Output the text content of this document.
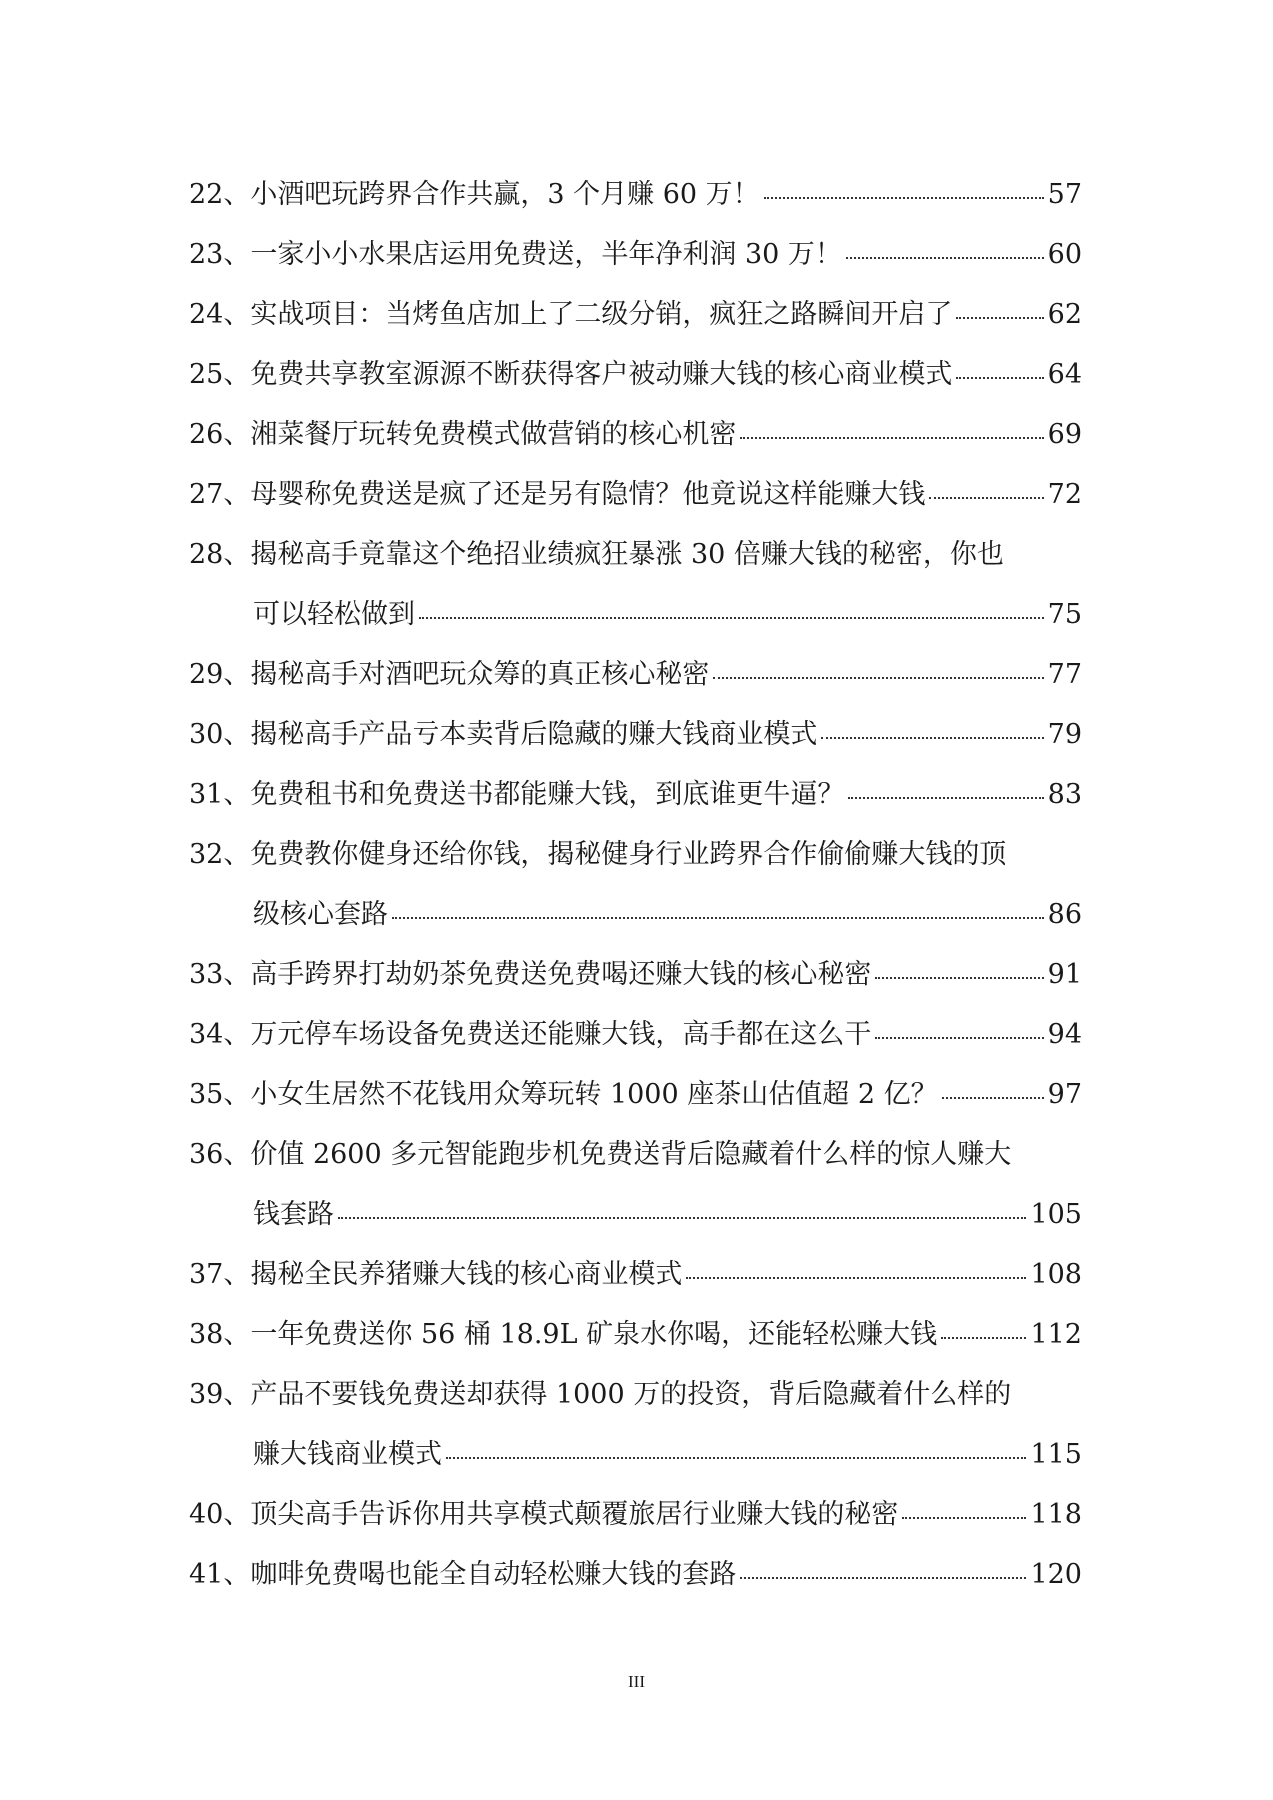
22、 小酒吧玩跨界合作共赢，3 个月赚 60 万！	57
23、 一家小小水果店运用免费送，半年净利润 30 万！	60
24、 实战项目：当烤鱼店加上了二级分销，疯狂之路瞬间开启了	62
25、 免费共享教室源源不断获得客户被动赚大钱的核心商业模式	64
26、 湘菜餐厅玩转免费模式做营销的核心机密	69
27、 母婴称免费送是疯了还是另有隐情？他竟说这样能赚大钱	72
28、 揭秘高手竟靠这个绝招业绩疯狂暴涨 30 倍赚大钱的秘密，你也
可以轻松做到	75
29、 揭秘高手对酒吧玩众筹的真正核心秘密	77
30、 揭秘高手产品亏本卖背后隐藏的赚大钱商业模式	79
31、 免费租书和免费送书都能赚大钱，到底谁更牛逼？	83
32、 免费教你健身还给你钱，揭秘健身行业跨界合作偷偷赚大钱的顶
级核心套路	86
33、 高手跨界打劫奶茶免费送免费喝还赚大钱的核心秘密	91
34、 万元停车场设备免费送还能赚大钱，高手都在这么干	94
35、 小女生居然不花钱用众筹玩转 1000 座茶山估值超 2 亿？	97
36、 价值 2600 多元智能跑步机免费送背后隐藏着什么样的惊人赚大
钱套路	105
37、 揭秘全民养猪赚大钱的核心商业模式	108
38、 一年免费送你 56 桶 18.9L 矿泉水你喝，还能轻松赚大钱	112
39、 产品不要钱免费送却获得 1000 万的投资，背后隐藏着什么样的
赚大钱商业模式	115
40、 顶尖高手告诉你用共享模式颠覆旅居行业赚大钱的秘密	118
41、 咖啡免费喝也能全自动轻松赚大钱的套路	120
III
